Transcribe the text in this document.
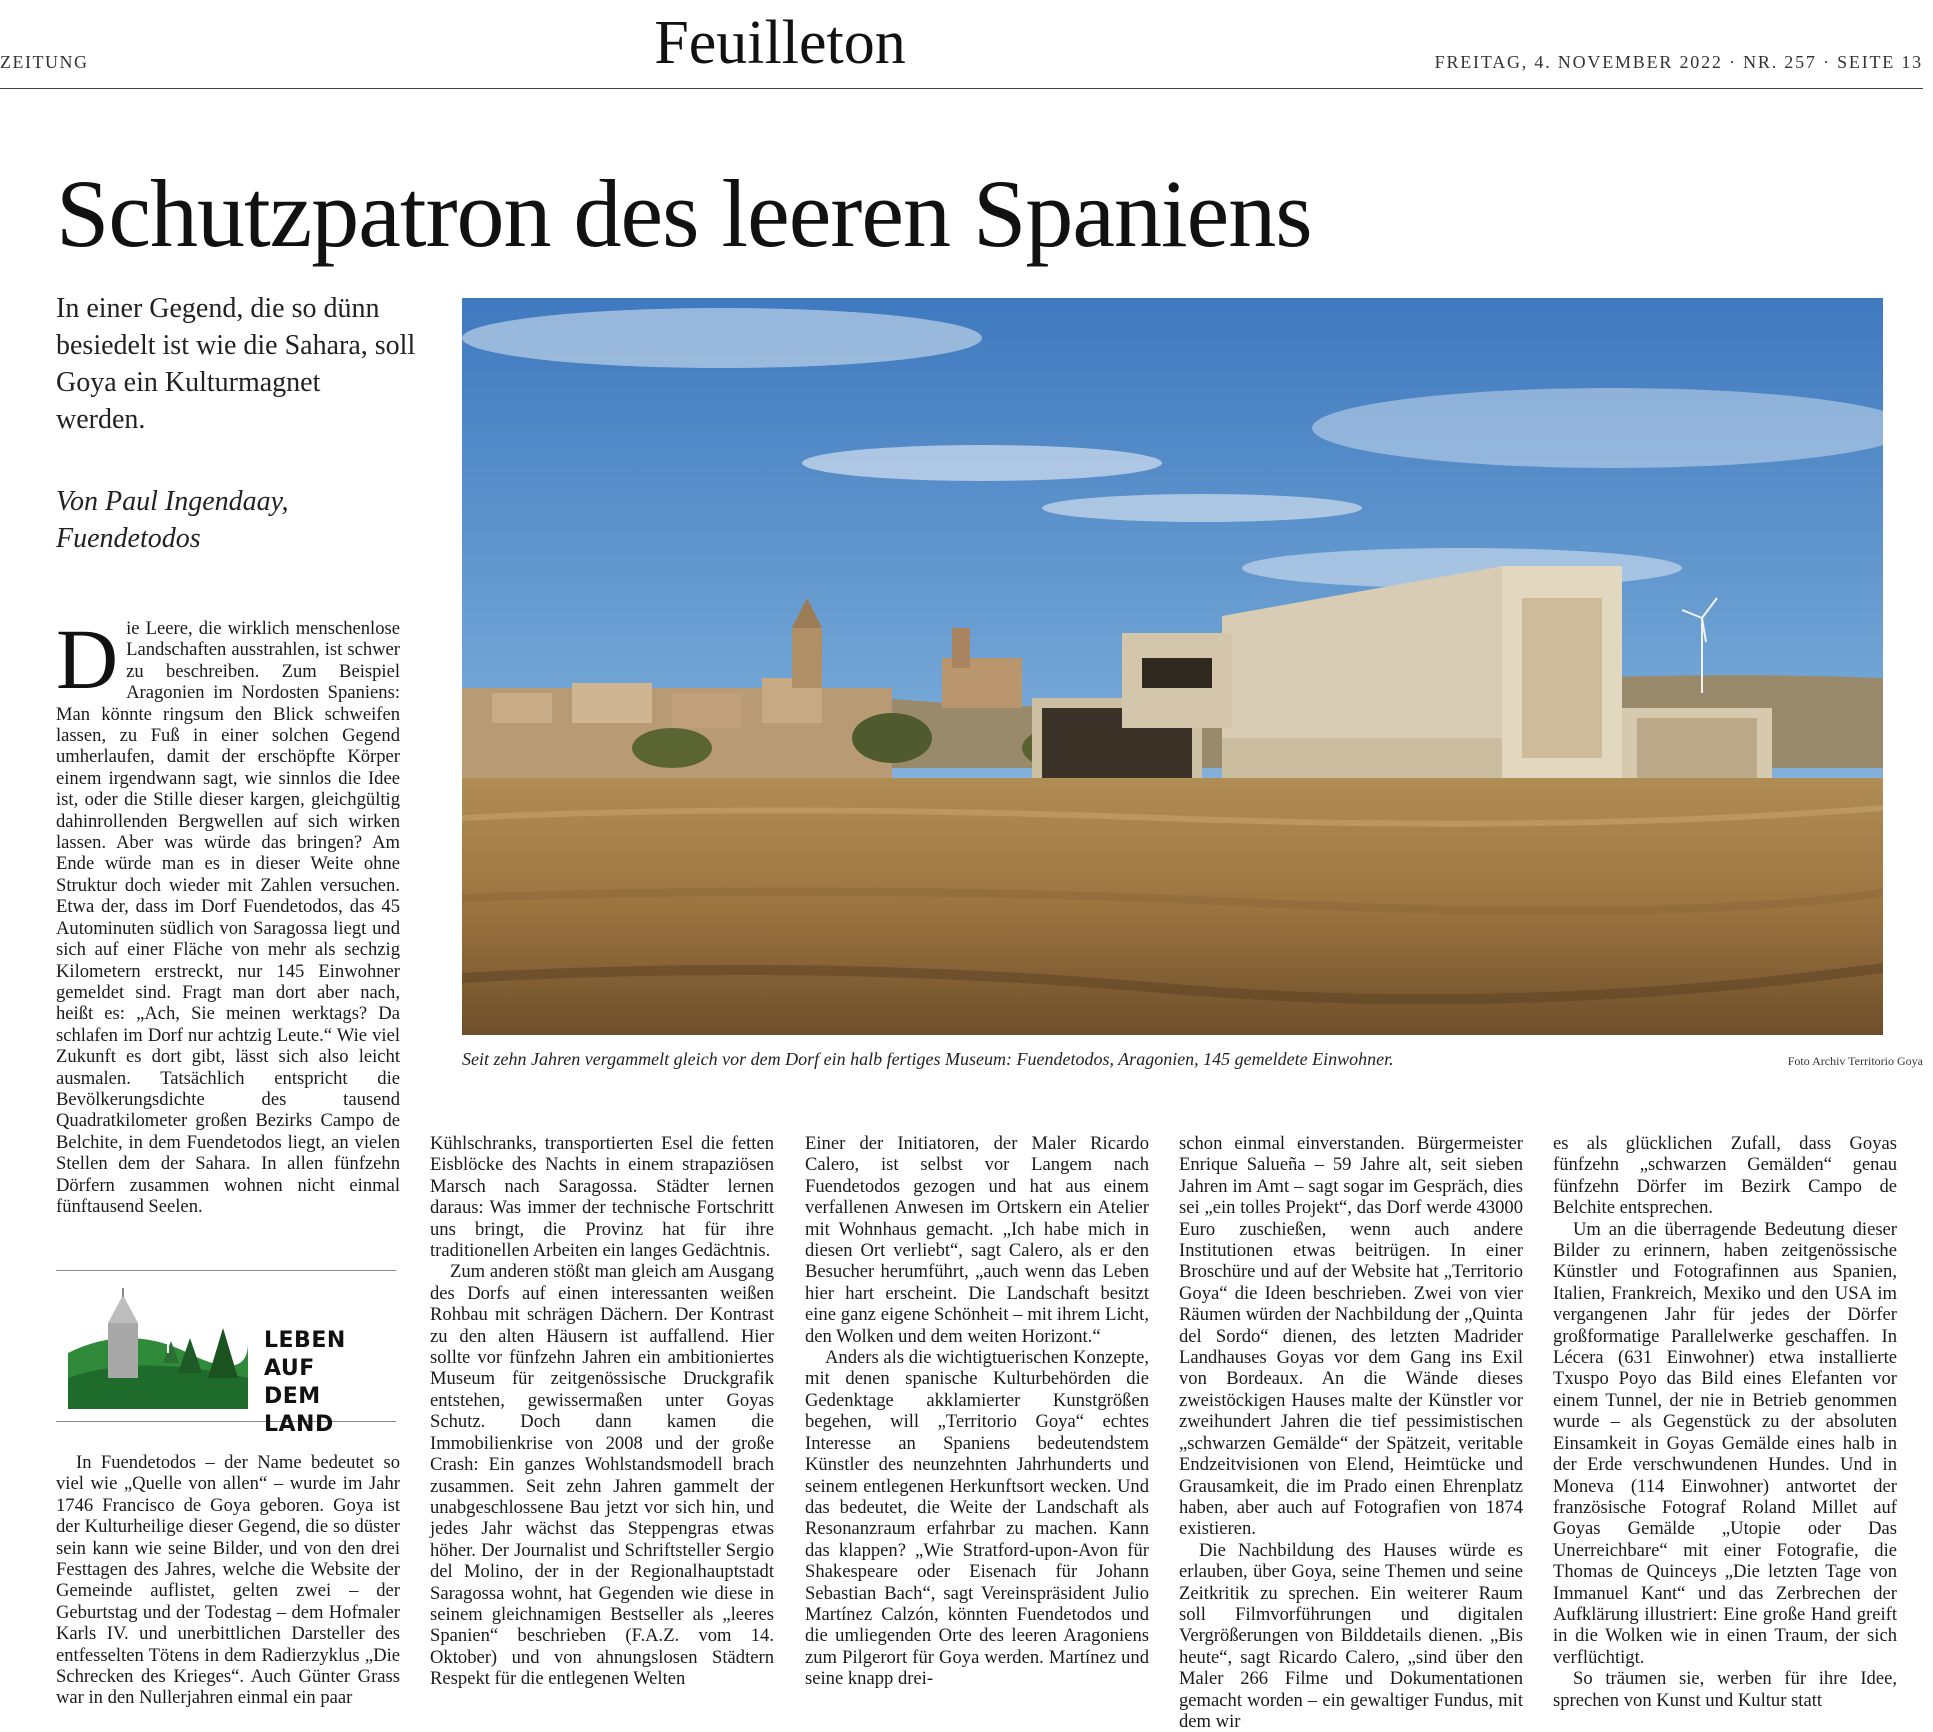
ZEITUNG	Feuilleton	FREITAG, 4. NOVEMBER 2022 · NR. 257 · SEITE 13
Schutzpatron des leeren Spaniens
In einer Gegend, die so dünn besiedelt ist wie die Sahara, soll Goya ein Kulturmagnet werden.
Von Paul Ingendaay, Fuendetodos
Seit zehn Jahren vergammelt gleich vor dem Dorf ein halb fertiges Museum: Fuendetodos, Aragonien, 145 gemeldete Einwohner.	Foto Archiv Territorio Goya

D ie Leere, die wirklich menschenlose Landschaften ausstrahlen, ist schwer zu beschreiben. Zum Beispiel Aragonien im Nordosten Spaniens: Man könnte ringsum den Blick schweifen lassen, zu Fuß in einer solchen Gegend umherlaufen, damit der erschöpfte Körper einem irgendwann sagt, wie sinnlos die Idee ist, oder die Stille dieser kargen, gleichgültig dahinrollenden Bergwellen auf sich wirken lassen. Aber was würde das bringen? Am Ende würde man es in dieser Weite ohne Struktur doch wieder mit Zahlen versuchen. Etwa der, dass im Dorf Fuendetodos, das 45 Autominuten südlich von Saragossa liegt und sich auf einer Fläche von mehr als sechzig Kilometern erstreckt, nur 145 Einwohner gemeldet sind. Fragt man dort aber nach, heißt es: „Ach, Sie meinen werktags? Da schlafen im Dorf nur achtzig Leute.“ Wie viel Zukunft es dort gibt, lässt sich also leicht ausmalen. Tatsächlich entspricht die Bevölkerungsdichte des tausend Quadratkilometer großen Bezirks Campo de Belchite, in dem Fuendetodos liegt, an vielen Stellen dem der Sahara. In allen fünfzehn Dörfern zusammen wohnen nicht einmal fünftausend Seelen.

LEBEN AUF
DEM LAND

In Fuendetodos – der Name bedeutet so viel wie „Quelle von allen“ – wurde im Jahr 1746 Francisco de Goya geboren. Goya ist der Kulturheilige dieser Gegend, die so düster sein kann wie seine Bilder, und von den drei Festtagen des Jahres, welche die Website der Gemeinde auflistet, gelten zwei – der Geburtstag und der Todestag – dem Hofmaler Karls IV. und unerbittlichen Darsteller des entfesselten Tötens in dem Radierzyklus „Die Schrecken des Krieges“. Auch Günter Grass war in den Nullerjahren einmal ein paar

Kühlschranks, transportierten Esel die fetten Eisblöcke des Nachts in einem strapaziösen Marsch nach Saragossa. Städter lernen daraus: Was immer der technische Fortschritt uns bringt, die Provinz hat für ihre traditionellen Arbeiten ein langes Gedächtnis.

Zum anderen stößt man gleich am Ausgang des Dorfs auf einen interessanten weißen Rohbau mit schrägen Dächern. Der Kontrast zu den alten Häusern ist auffallend. Hier sollte vor fünfzehn Jahren ein ambitioniertes Museum für zeitgenössische Druckgrafik entstehen, gewissermaßen unter Goyas Schutz. Doch dann kamen die Immobilienkrise von 2008 und der große Crash: Ein ganzes Wohlstandsmodell brach zusammen. Seit zehn Jahren gammelt der unabgeschlossene Bau jetzt vor sich hin, und jedes Jahr wächst das Steppengras etwas höher. Der Journalist und Schriftsteller Sergio del Molino, der in der Regionalhauptstadt Saragossa wohnt, hat Gegenden wie diese in seinem gleichnamigen Bestseller als „leeres Spanien“ beschrieben (F.A.Z. vom 14. Oktober) und von ahnungslosen Städtern Respekt für die entlegenen Welten

Einer der Initiatoren, der Maler Ricardo Calero, ist selbst vor Langem nach Fuendetodos gezogen und hat aus einem verfallenen Anwesen im Ortskern ein Atelier mit Wohnhaus gemacht. „Ich habe mich in diesen Ort verliebt“, sagt Calero, als er den Besucher herumführt, „auch wenn das Leben hier hart erscheint. Die Landschaft besitzt eine ganz eigene Schönheit – mit ihrem Licht, den Wolken und dem weiten Horizont.“

Anders als die wichtigtuerischen Konzepte, mit denen spanische Kulturbehörden die Gedenktage akklamierter Kunstgrößen begehen, will „Territorio Goya“ echtes Interesse an Spaniens bedeutendstem Künstler des neunzehnten Jahrhunderts und seinem entlegenen Herkunftsort wecken. Und das bedeutet, die Weite der Landschaft als Resonanzraum erfahrbar zu machen. Kann das klappen? „Wie Stratford-upon-Avon für Shakespeare oder Eisenach für Johann Sebastian Bach“, sagt Vereinspräsident Julio Martínez Calzón, könnten Fuendetodos und die umliegenden Orte des leeren Aragoniens zum Pilgerort für Goya werden. Martínez und seine knapp drei-

schon einmal einverstanden. Bürgermeister Enrique Salueña – 59 Jahre alt, seit sieben Jahren im Amt – sagt sogar im Gespräch, dies sei „ein tolles Projekt“, das Dorf werde 43000 Euro zuschießen, wenn auch andere Institutionen etwas beitrügen. In einer Broschüre und auf der Website hat „Territorio Goya“ die Ideen beschrieben. Zwei von vier Räumen würden der Nachbildung der „Quinta del Sordo“ dienen, des letzten Madrider Landhauses Goyas vor dem Gang ins Exil von Bordeaux. An die Wände dieses zweistöckigen Hauses malte der Künstler vor zweihundert Jahren die tief pessimistischen „schwarzen Gemälde“ der Spätzeit, veritable Endzeitvisionen von Elend, Heimtücke und Grausamkeit, die im Prado einen Ehrenplatz haben, aber auch auf Fotografien von 1874 existieren.

Die Nachbildung des Hauses würde es erlauben, über Goya, seine Themen und seine Zeitkritik zu sprechen. Ein weiterer Raum soll Filmvorführungen und digitalen Vergrößerungen von Bilddetails dienen. „Bis heute“, sagt Ricardo Calero, „sind über den Maler 266 Filme und Dokumentationen gemacht worden – ein gewaltiger Fundus, mit dem wir

es als glücklichen Zufall, dass Goyas fünfzehn „schwarzen Gemälden“ genau fünfzehn Dörfer im Bezirk Campo de Belchite entsprechen.

Um an die überragende Bedeutung dieser Bilder zu erinnern, haben zeitgenössische Künstler und Fotografinnen aus Spanien, Italien, Frankreich, Mexiko und den USA im vergangenen Jahr für jedes der Dörfer großformatige Parallelwerke geschaffen. In Lécera (631 Einwohner) etwa installierte Txuspo Poyo das Bild eines Elefanten vor einem Tunnel, der nie in Betrieb genommen wurde – als Gegenstück zu der absoluten Einsamkeit in Goyas Gemälde eines halb in der Erde verschwundenen Hundes. Und in Moneva (114 Einwohner) antwortet der französische Fotograf Roland Millet auf Goyas Gemälde „Utopie oder Das Unerreichbare“ mit einer Fotografie, die Thomas de Quinceys „Die letzten Tage von Immanuel Kant“ und das Zerbrechen der Aufklärung illustriert: Eine große Hand greift in die Wolken wie in einen Traum, der sich verflüchtigt.

So träumen sie, werben für ihre Idee, sprechen von Kunst und Kultur statt
